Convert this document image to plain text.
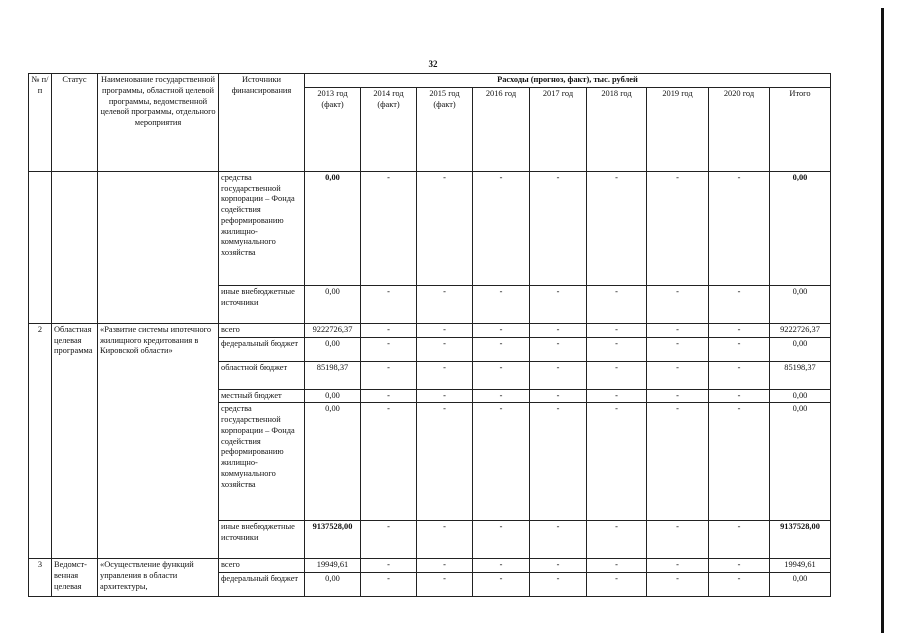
32
№ п/п	Статус	Наименование государственной программы, областной целевой программы, ведомственной целевой программы, отдельного мероприятия	Источники финансирования	Расходы (прогноз, факт), тыс. рублей								
				2013 год (факт)	2014 год (факт)	2015 год (факт)	2016 год	2017 год	2018 год	2019 год	2020 год	Итого
			средства государственной корпорации – Фонда содействия реформированию жилищно-коммунального хозяйства	0,00	-	-	-	-	-	-	-	0,00
			иные внебюджетные источники	0,00	-	-	-	-	-	-	-	0,00
2	Областная целевая программа	«Развитие системы ипотечного жилищного кредитования в Кировской области»	всего	9222726,37	-	-	-	-	-	-	-	9222726,37
			федеральный бюджет	0,00	-	-	-	-	-	-	-	0,00
			областной бюджет	85198,37	-	-	-	-	-	-	-	85198,37
			местный бюджет	0,00	-	-	-	-	-	-	-	0,00
			средства государственной корпорации – Фонда содействия реформированию жилищно-коммунального хозяйства	0,00	-	-	-	-	-	-	-	0,00
			иные внебюджетные источники	9137528,00	-	-	-	-	-	-	-	9137528,00
3	Ведомст-венная целевая	«Осуществление функций управления в области архитектуры,	всего	19949,61	-	-	-	-	-	-	-	19949,61
			федеральный бюджет	0,00	-	-	-	-	-	-	-	0,00
